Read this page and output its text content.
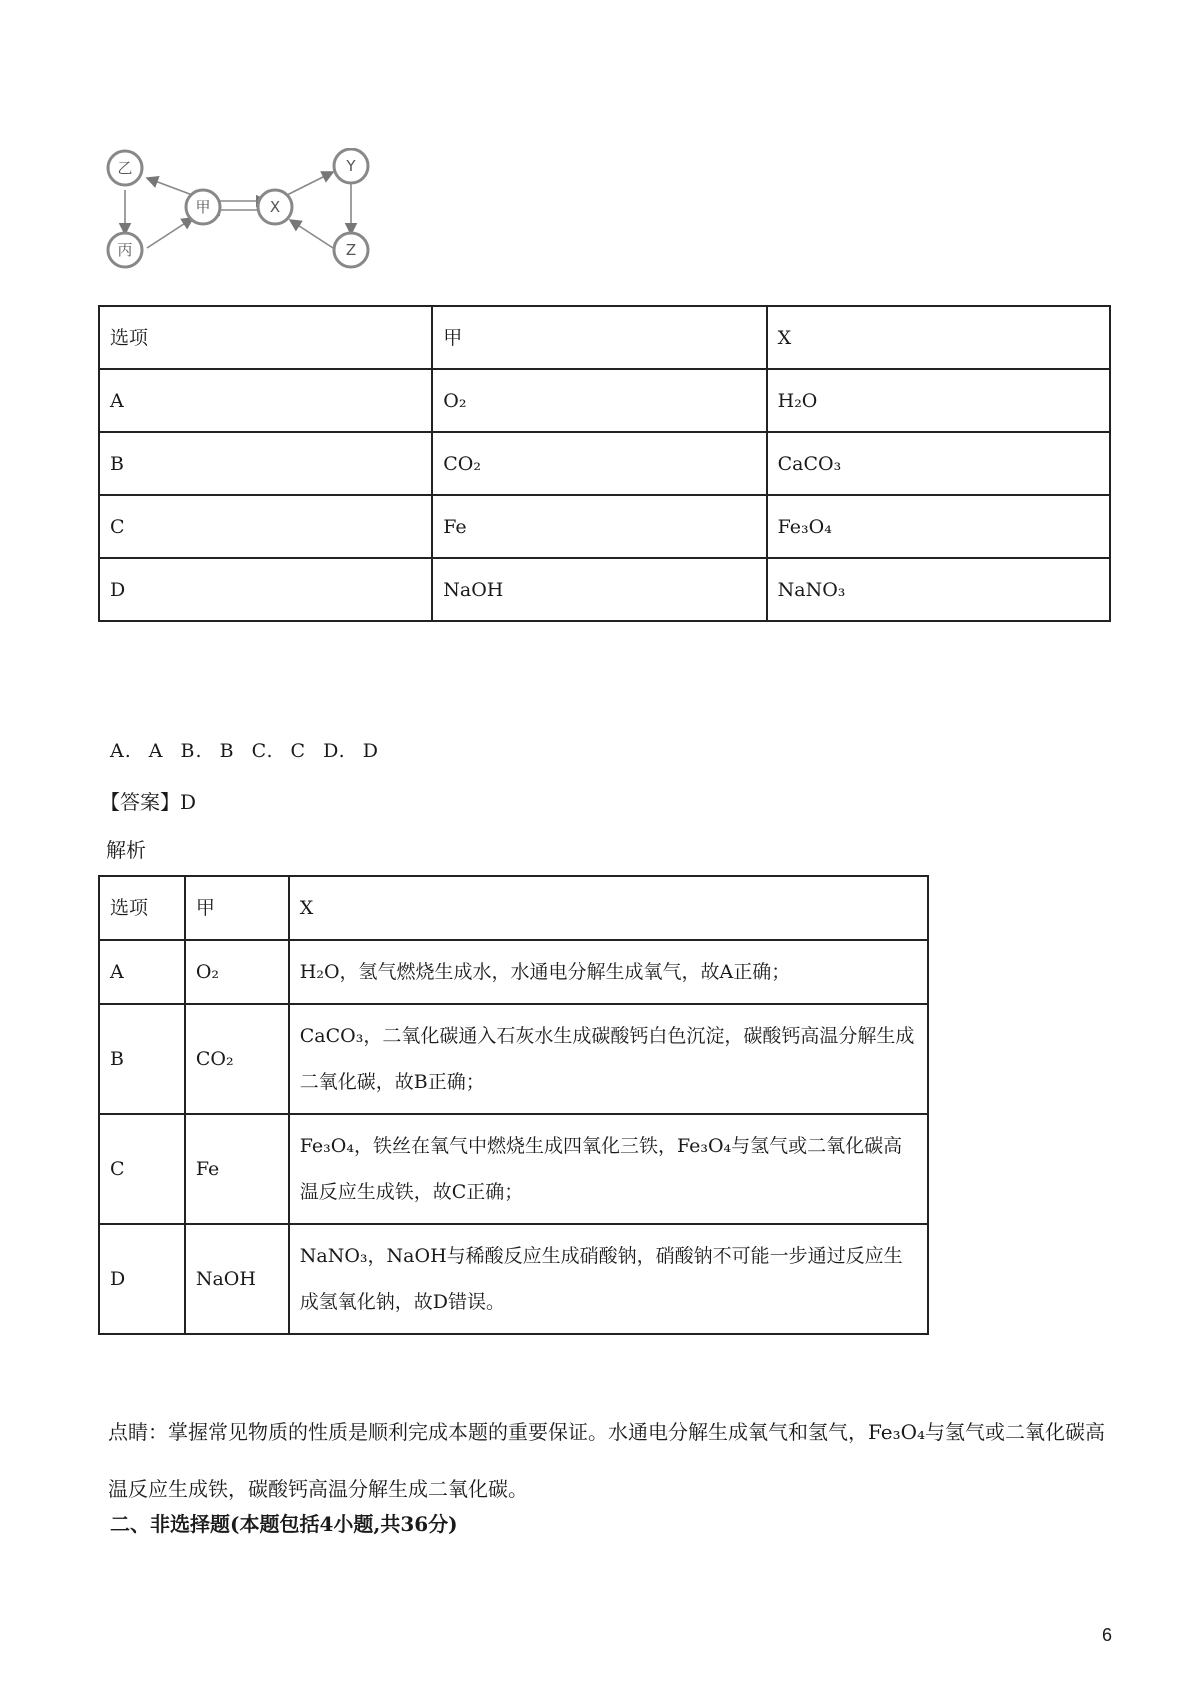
乙
甲
丙
X
Y
Z
选项	甲	X
A	O₂	H₂O
B	CO₂	CaCO₃
C	Fe	Fe₃O₄
D	NaOH	NaNO₃
A. A B. B C. C D. D
【答案】D
解析
选项	甲	X
A	O₂	H₂O，氢气燃烧生成水，水通电分解生成氧气，故A正确；
B	CO₂	CaCO₃，二氧化碳通入石灰水生成碳酸钙白色沉淀，碳酸钙高温分解生成二氧化碳，故B正确；
C	Fe	Fe₃O₄，铁丝在氧气中燃烧生成四氧化三铁，Fe₃O₄与氢气或二氧化碳高温反应生成铁，故C正确；
D	NaOH	NaNO₃，NaOH与稀酸反应生成硝酸钠，硝酸钠不可能一步通过反应生成氢氧化钠，故D错误。
点睛：掌握常见物质的性质是顺利完成本题的重要保证。水通电分解生成氧气和氢气，Fe₃O₄与氢气或二氧化碳高温反应生成铁，碳酸钙高温分解生成二氧化碳。
二、非选择题(本题包括4小题,共36分)
6
